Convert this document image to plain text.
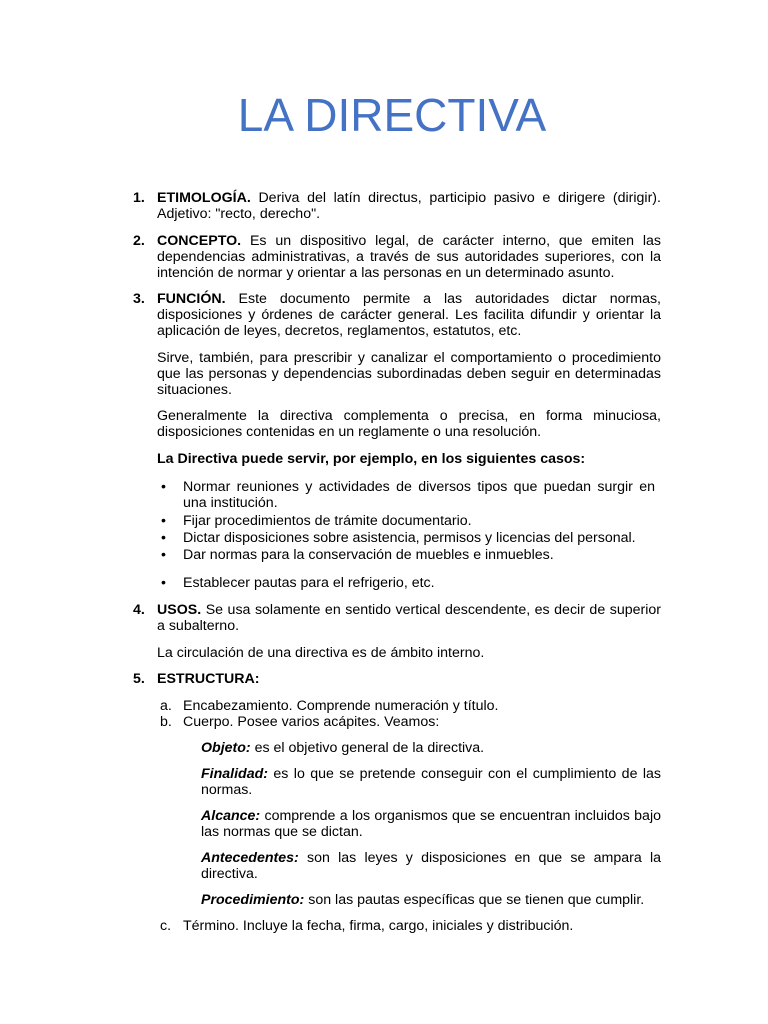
LA DIRECTIVA
1. ETIMOLOGÍA. Deriva del latín directus, participio pasivo e dirigere (dirigir). Adjetivo: "recto, derecho".
2. CONCEPTO. Es un dispositivo legal, de carácter interno, que emiten las dependencias administrativas, a través de sus autoridades superiores, con la intención de normar y orientar a las personas en un determinado asunto.
3. FUNCIÓN. Este documento permite a las autoridades dictar normas, disposiciones y órdenes de carácter general. Les facilita difundir y orientar la aplicación de leyes, decretos, reglamentos, estatutos, etc.
Sirve, también, para prescribir y canalizar el comportamiento o procedimiento que las personas y dependencias subordinadas deben seguir en determinadas situaciones.
Generalmente la directiva complementa o precisa, en forma minuciosa, disposiciones contenidas en un reglamente o una resolución.
La Directiva puede servir, por ejemplo, en los siguientes casos:
• Normar reuniones y actividades de diversos tipos que puedan surgir en una institución.
• Fijar procedimientos de trámite documentario.
• Dictar disposiciones sobre asistencia, permisos y licencias del personal.
• Dar normas para la conservación de muebles e inmuebles.
• Establecer pautas para el refrigerio, etc.
4. USOS. Se usa solamente en sentido vertical descendente, es decir de superior a subalterno.
La circulación de una directiva es de ámbito interno.
5. ESTRUCTURA:
a. Encabezamiento. Comprende numeración y título.
b. Cuerpo. Posee varios acápites. Veamos:
Objeto: es el objetivo general de la directiva.
Finalidad: es lo que se pretende conseguir con el cumplimiento de las normas.
Alcance: comprende a los organismos que se encuentran incluidos bajo las normas que se dictan.
Antecedentes: son las leyes y disposiciones en que se ampara la directiva.
Procedimiento: son las pautas específicas que se tienen que cumplir.
c. Término. Incluye la fecha, firma, cargo, iniciales y distribución.
